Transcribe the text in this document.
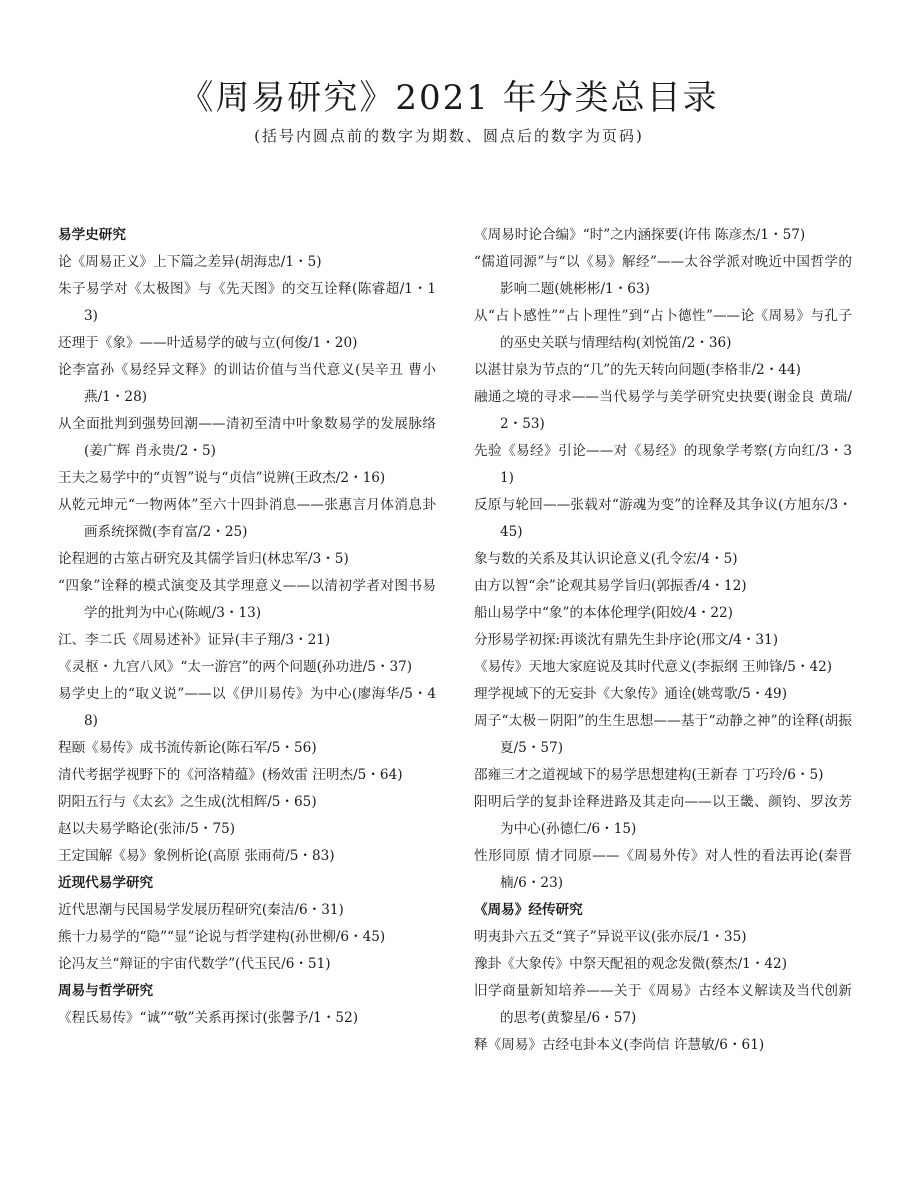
《周易研究》2021 年分类总目录
(括号内圆点前的数字为期数、圆点后的数字为页码)
易学史研究
论《周易正义》上下篇之差异(胡海忠/1・5)
朱子易学对《太极图》与《先天图》的交互诠释(陈睿超/1・13)
还理于《象》——叶适易学的破与立(何俊/1・20)
论李富孙《易经异文释》的训诂价值与当代意义(吴辛丑 曹小燕/1・28)
从全面批判到强势回潮——清初至清中叶象数易学的发展脉络(姜广辉 肖永贵/2・5)
王夫之易学中的“贞智”说与“贞信”说辨(王政杰/2・16)
从乾元坤元“一物两体”至六十四卦消息——张惠言月体消息卦画系统探微(李育富/2・25)
论程迥的古筮占研究及其儒学旨归(林忠军/3・5)
“四象”诠释的模式演变及其学理意义——以清初学者对图书易学的批判为中心(陈岘/3・13)
江、李二氏《周易述补》证异(丰子翔/3・21)
《灵枢・九宫八风》“太一游宫”的两个问题(孙功进/5・37)
易学史上的“取义说”——以《伊川易传》为中心(廖海华/5・48)
程颐《易传》成书流传新论(陈石军/5・56)
清代考据学视野下的《河洛精蕴》(杨效雷 汪明杰/5・64)
阴阳五行与《太玄》之生成(沈相辉/5・65)
赵以夫易学略论(张沛/5・75)
王定国解《易》象例析论(高原 张雨荷/5・83)
近现代易学研究
近代思潮与民国易学发展历程研究(秦洁/6・31)
熊十力易学的“隐”“显”论说与哲学建构(孙世柳/6・45)
论冯友兰“辩证的宇宙代数学”(代玉民/6・51)
周易与哲学研究
《程氏易传》“诚”“敬”关系再探讨(张馨予/1・52)
《周易时论合编》“时”之内涵探要(许伟 陈彦杰/1・57)
“儒道同源”与“以《易》解经”——太谷学派对晚近中国哲学的影响二题(姚彬彬/1・63)
从“占卜感性”“占卜理性”到“占卜德性”——论《周易》与孔子的巫史关联与情理结构(刘悦笛/2・36)
以湛甘泉为节点的“几”的先天转向问题(李格非/2・44)
融通之境的寻求——当代易学与美学研究史抉要(谢金良 黄瑞/2・53)
先验《易经》引论——对《易经》的现象学考察(方向红/3・31)
反原与轮回——张载对“游魂为变”的诠释及其争议(方旭东/3・45)
象与数的关系及其认识论意义(孔令宏/4・5)
由方以智“余”论观其易学旨归(郭振香/4・12)
船山易学中“象”的本体伦理学(阳姣/4・22)
分形易学初探:再谈沈有鼎先生卦序论(邢文/4・31)
《易传》天地大家庭说及其时代意义(李振纲 王帅锋/5・42)
理学视域下的无妄卦《大象传》通诠(姚莺歌/5・49)
周子“太极－阴阳”的生生思想——基于“动静之神”的诠释(胡振夏/5・57)
邵雍三才之道视域下的易学思想建构(王新春 丁巧玲/6・5)
阳明后学的复卦诠释进路及其走向——以王畿、颜钧、罗汝芳为中心(孙德仁/6・15)
性形同原 情才同原——《周易外传》对人性的看法再论(秦晋楠/6・23)
《周易》经传研究
明夷卦六五爻“箕子”异说平议(张亦辰/1・35)
豫卦《大象传》中祭天配祖的观念发微(蔡杰/1・42)
旧学商量新知培养——关于《周易》古经本义解读及当代创新的思考(黄黎星/6・57)
释《周易》古经屯卦本义(李尚信 许慧敏/6・61)
